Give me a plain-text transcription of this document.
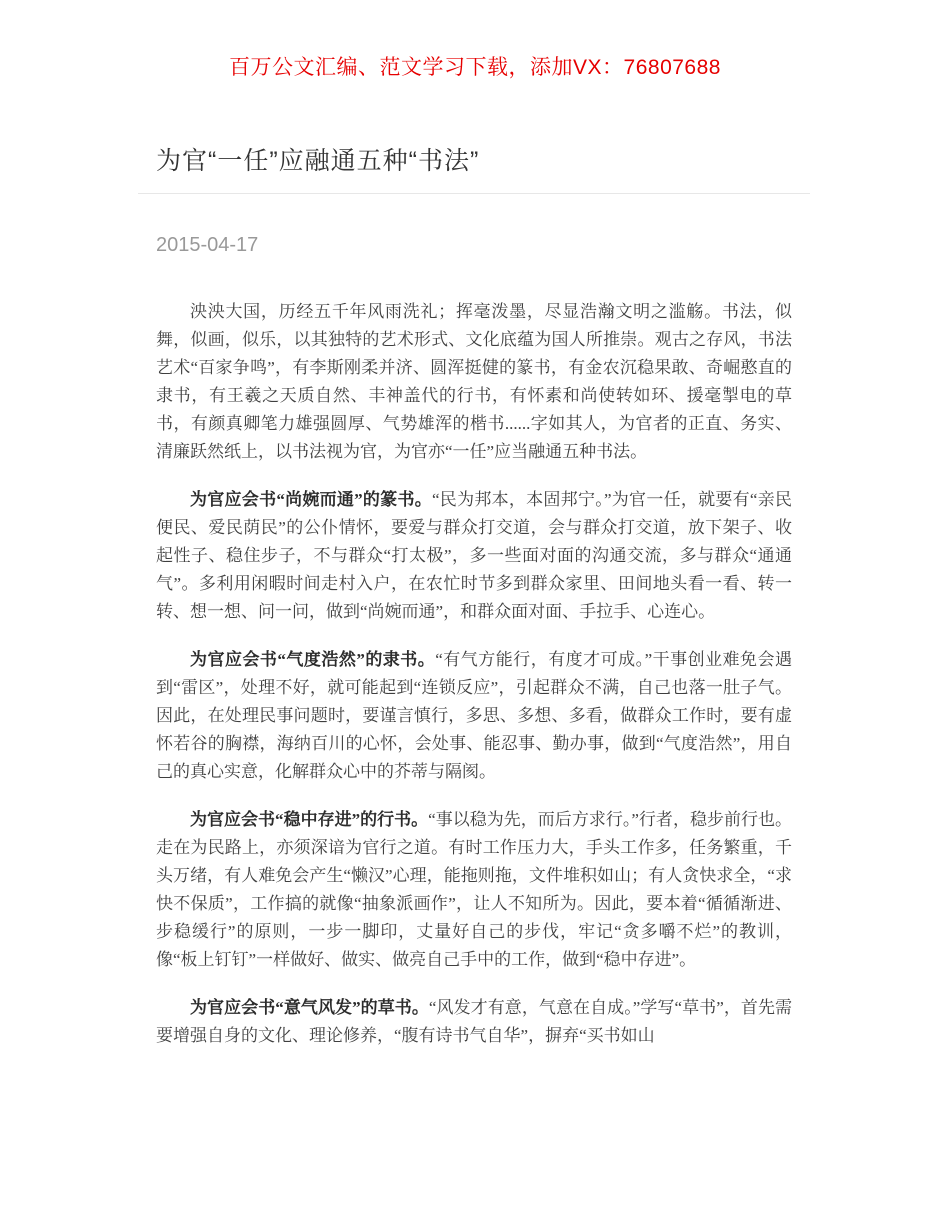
百万公文汇编、范文学习下载，添加VX：76807688
为官“一任”应融通五种“书法”
2015-04-17

泱泱大国，历经五千年风雨洗礼；挥毫泼墨，尽显浩瀚文明之滥觞。书法，似舞，似画，似乐，以其独特的艺术形式、文化底蕴为国人所推崇。观古之存风，书法艺术“百家争鸣”，有李斯刚柔并济、圆浑挺健的篆书，有金农沉稳果敢、奇崛憨直的隶书，有王羲之天质自然、丰神盖代的行书，有怀素和尚使转如环、援毫掣电的草书，有颜真卿笔力雄强圆厚、气势雄浑的楷书......字如其人，为官者的正直、务实、清廉跃然纸上，以书法视为官，为官亦“一任”应当融通五种书法。

为官应会书“尚婉而通”的篆书。“民为邦本，本固邦宁。”为官一任，就要有“亲民便民、爱民荫民”的公仆情怀，要爱与群众打交道，会与群众打交道，放下架子、收起性子、稳住步子，不与群众“打太极”，多一些面对面的沟通交流，多与群众“通通气”。多利用闲暇时间走村入户，在农忙时节多到群众家里、田间地头看一看、转一转、想一想、问一问，做到“尚婉而通”，和群众面对面、手拉手、心连心。

为官应会书“气度浩然”的隶书。“有气方能行，有度才可成。”干事创业难免会遇到“雷区”，处理不好，就可能起到“连锁反应”，引起群众不满，自己也落一肚子气。因此，在处理民事问题时，要谨言慎行，多思、多想、多看，做群众工作时，要有虚怀若谷的胸襟，海纳百川的心怀，会处事、能忍事、勤办事，做到“气度浩然”，用自己的真心实意，化解群众心中的芥蒂与隔阂。

为官应会书“稳中存进”的行书。“事以稳为先，而后方求行。”行者，稳步前行也。走在为民路上，亦须深谙为官行之道。有时工作压力大，手头工作多，任务繁重，千头万绪，有人难免会产生“懒汉”心理，能拖则拖，文件堆积如山；有人贪快求全，“求快不保质”，工作搞的就像“抽象派画作”，让人不知所为。因此，要本着“循循渐进、步稳缓行”的原则，一步一脚印，丈量好自己的步伐，牢记“贪多嚼不烂”的教训，像“板上钉钉”一样做好、做实、做亮自己手中的工作，做到“稳中存进”。

为官应会书“意气风发”的草书。“风发才有意，气意在自成。”学写“草书”，首先需要增强自身的文化、理论修养，“腹有诗书气自华”，摒弃“买书如山
